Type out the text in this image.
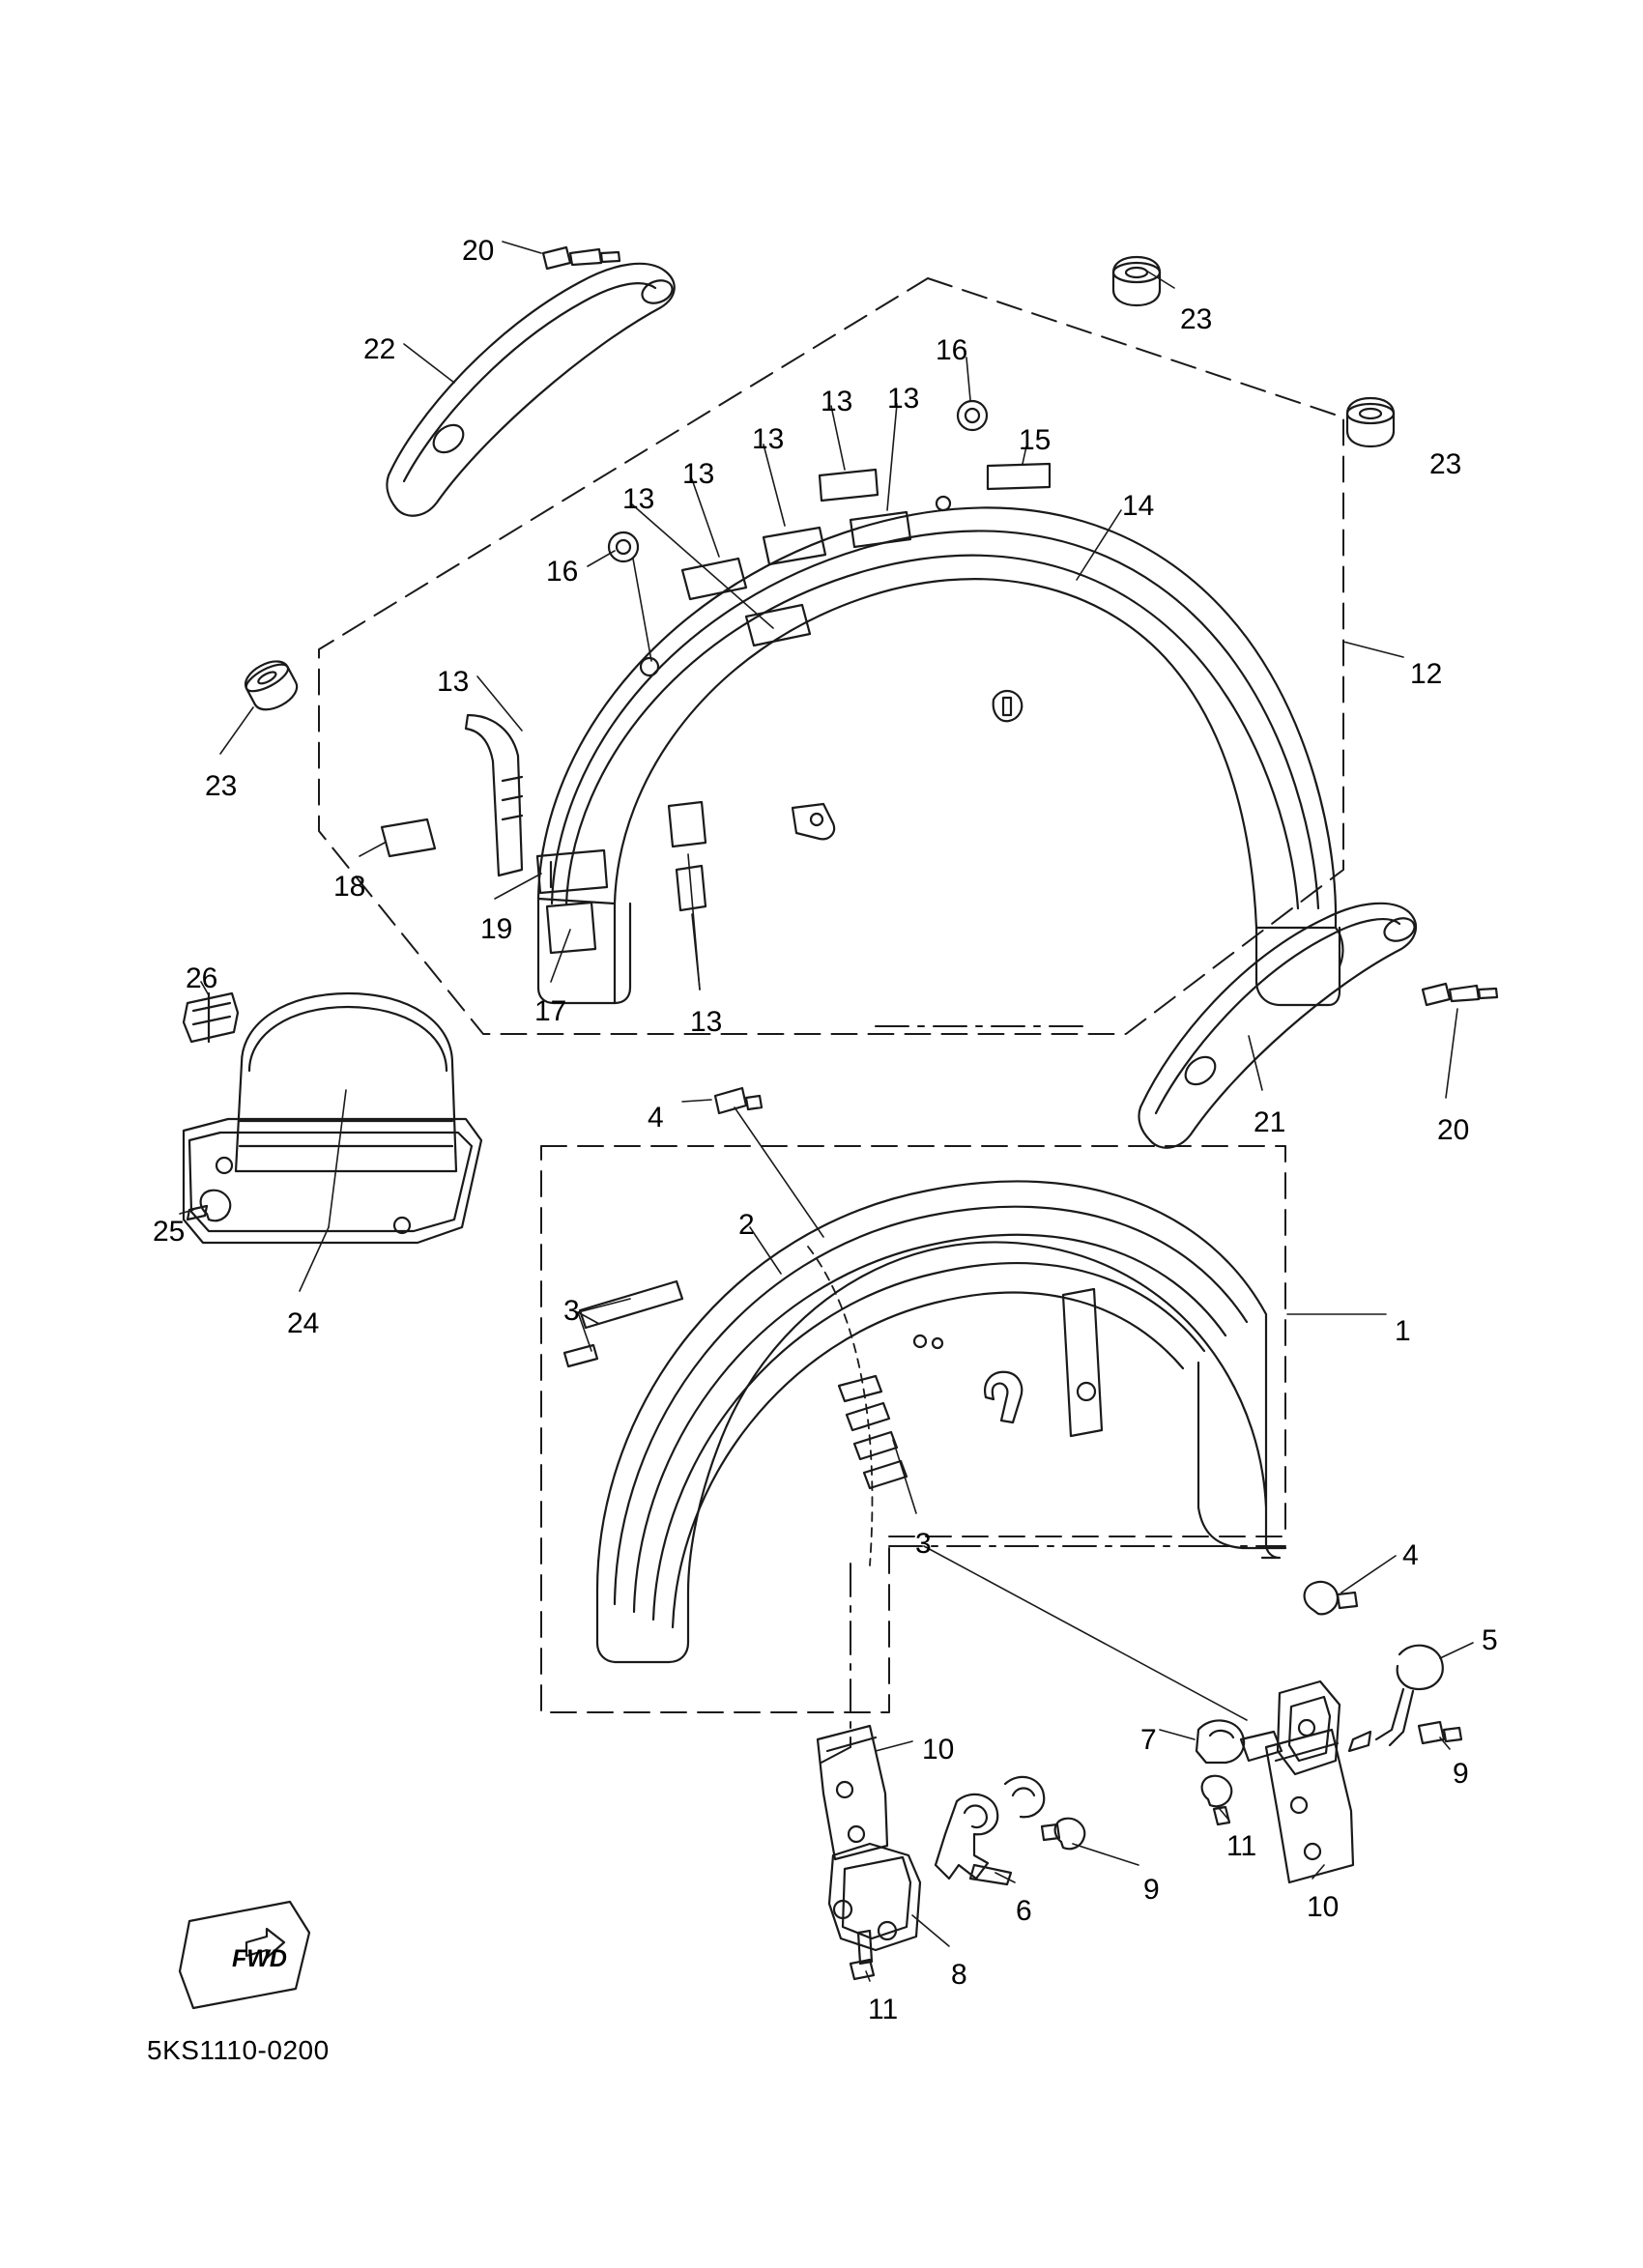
20
22	16
23
13 13
15
23
13
14
13
13
16
12
13
23
18
19
17	13
26
25
24
21	20
4
2
1
3
3	4
5
7
10
9
11
9
10
6
8
11
FWD
5KS1110-0200
